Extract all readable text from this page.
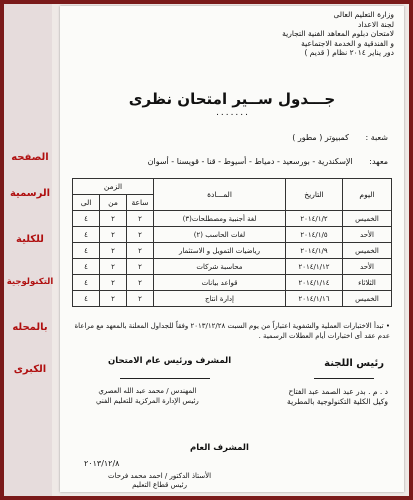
الصفحه
الرسمية
للكلية
التكنولوجية
بالمحله
الكبرى
وزارة التعليم العالى
لجنة الاعداد
لامتحان دبلوم المعاهد الفنية التجارية
و الفندقية و الخدمة الاجتماعية
دور يناير ٢٠١٤ نظام ( قديم )
جـــدول ســير امتحان نظرى
٠٠٠٠٠٠٠
شعبة : كمبيوتر ( مطور )
معهد: الإسكندرية - بورسعيد - دمياط - أسيوط - قنا - قويسنا - أسوان
اليوم	التاريخ	المـــادة	الزمن		
			ساعة	من	الى
الخميس	٢٠١٤/١/٢	لغة أجنبية ومصطلحات(٣)	٢	٢	٤
الأحد	٢٠١٤/١/٥	لغات الحاسب (٢)	٢	٢	٤
الخميس	٢٠١٤/١/٩	رياضيات التمويل و الاستثمار	٢	٢	٤
الأحد	٢٠١٤/١/١٢	محاسبة شركات	٢	٢	٤
الثلاثاء	٢٠١٤/١/١٤	قواعد بيانات	٢	٢	٤
الخميس	٢٠١٤/١/١٦	إدارة انتاج	٢	٢	٤
• تبدأ الاختبارات العملية والشفوية اعتباراً من يوم السبت ٢٠١٣/١٢/٢٨ وفقاً للجداول المعلنة بالمعهد مع مراعاة عدم عقد أى اختبارات أيام العطلات الرسمية .
رئيس اللجنة
د . م . بدر عبد الصمد عبد الفتاح
وكيل الكلية التكنولوجية بالمطرية
المشرف ورئيس عام الامتحان
المهندس / محمد عبد الله العصري
رئيس الإدارة المركزية للتعليم الفني
المشرف العام
٢٠١٣/١٢/٨
الأستاذ الدكتور / احمد محمد فرحات
رئيس قطاع التعليم
